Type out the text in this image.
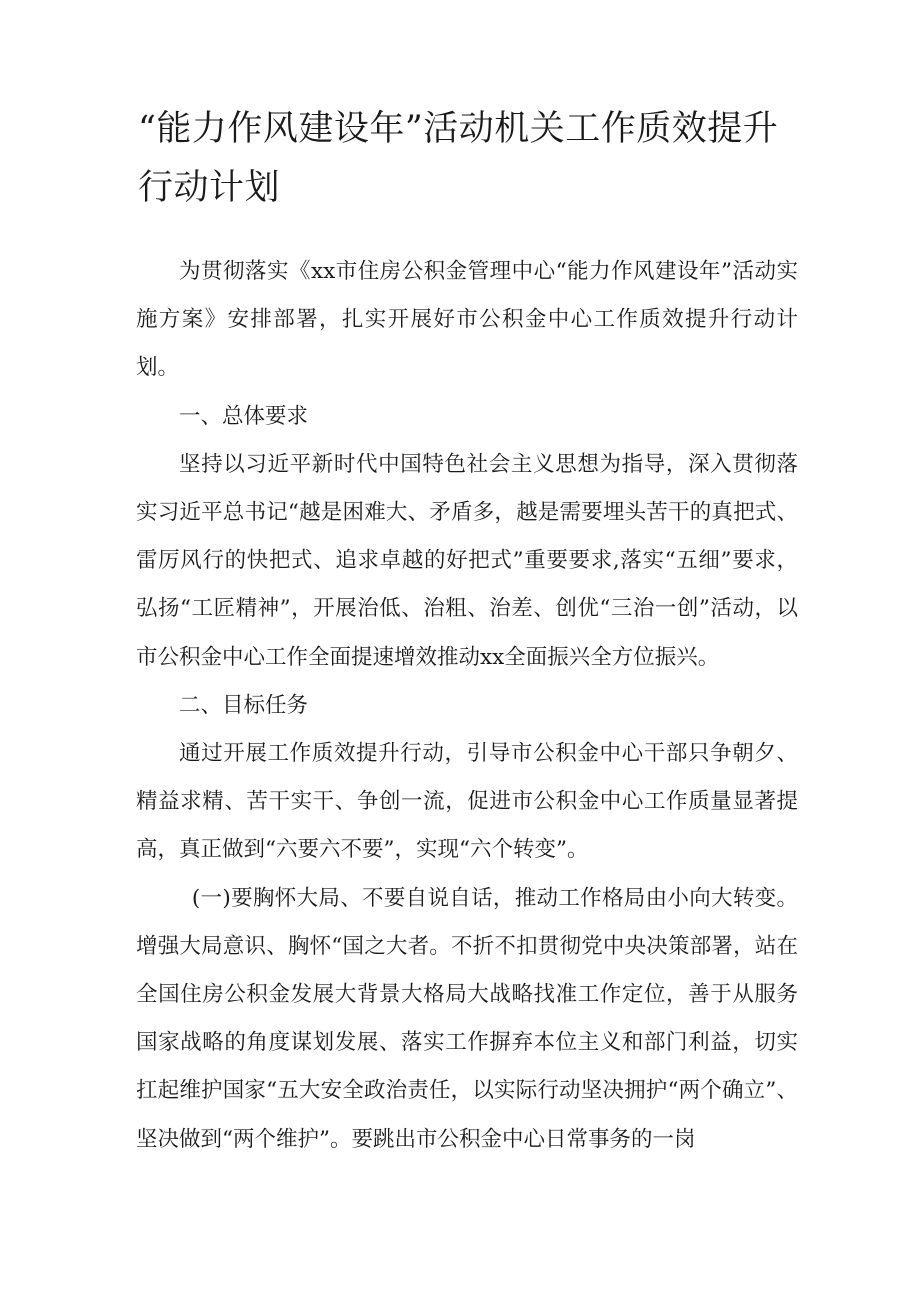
“能力作风建设年”活动机关工作质效提升行动计划

为贯彻落实《xx市住房公积金管理中心“能力作风建设年”活动实施方案》安排部署，扎实开展好市公积金中心工作质效提升行动计划。

一、总体要求

坚持以习近平新时代中国特色社会主义思想为指导，深入贯彻落实习近平总书记“越是困难大、矛盾多，越是需要埋头苦干的真把式、雷厉风行的快把式、追求卓越的好把式”重要要求,落实“五细”要求，弘扬“工匠精神”，开展治低、治粗、治差、创优“三治一创”活动，以市公积金中心工作全面提速增效推动xx全面振兴全方位振兴。

二、目标任务

通过开展工作质效提升行动，引导市公积金中心干部只争朝夕、精益求精、苦干实干、争创一流，促进市公积金中心工作质量显著提高，真正做到“六要六不要”，实现“六个转变”。

(一)要胸怀大局、不要自说自话，推动工作格局由小向大转变。增强大局意识、胸怀“国之大者。不折不扣贯彻党中央决策部署，站在全国住房公积金发展大背景大格局大战略找准工作定位，善于从服务国家战略的角度谋划发展、落实工作摒弃本位主义和部门利益，切实扛起维护国家“五大安全政治责任，以实际行动坚决拥护“两个确立”、坚决做到“两个维护”。要跳出市公积金中心日常事务的一岗
